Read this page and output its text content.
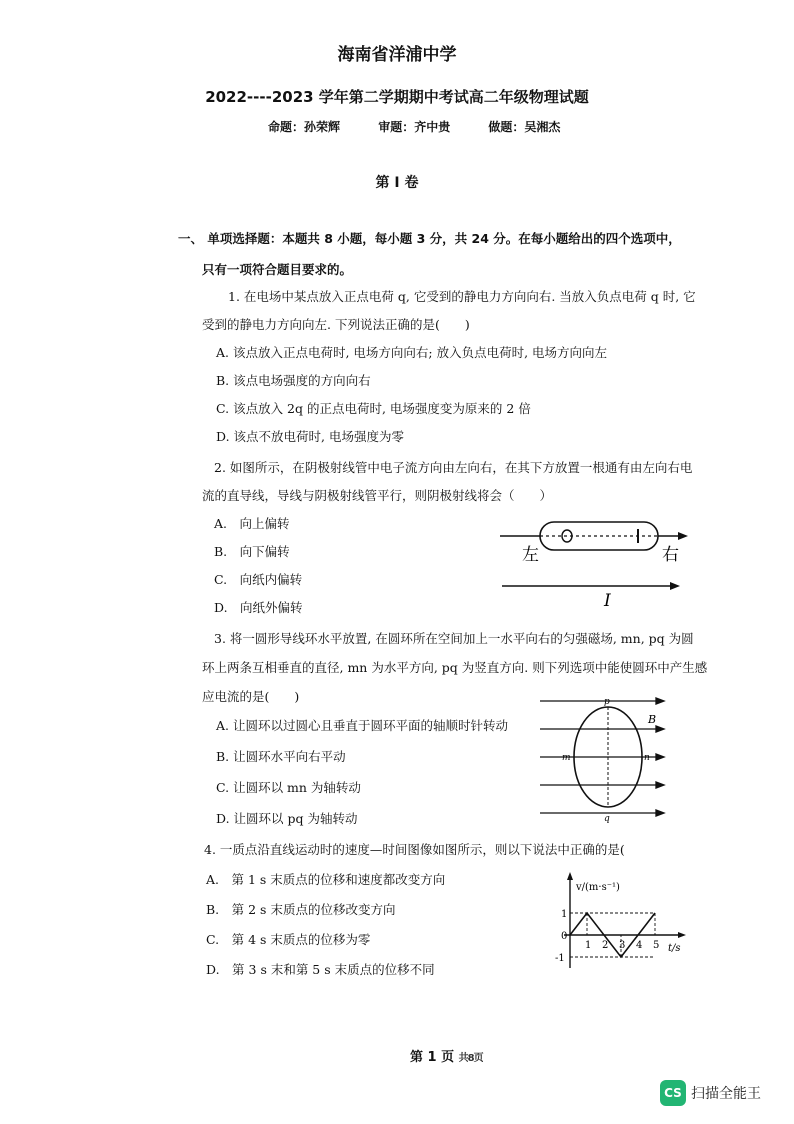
海南省洋浦中学
2022----2023 学年第二学期期中考试高二年级物理试题
命题：孙荣辉	审题：齐中贵	做题：吴湘杰
第 I 卷
一、 单项选择题：本题共 8 小题，每小题 3 分，共 24 分。在每小题给出的四个选项中，
只有一项符合题目要求的。
1. 在电场中某点放入正点电荷 q, 它受到的静电力方向向右. 当放入负点电荷 q 时, 它
受到的静电力方向向左. 下列说法正确的是(　　)
A. 该点放入正点电荷时, 电场方向向右; 放入负点电荷时, 电场方向向左
B. 该点电场强度的方向向右
C. 该点放入 2q 的正点电荷时, 电场强度变为原来的 2 倍
D. 该点不放电荷时, 电场强度为零
2. 如图所示，在阴极射线管中电子流方向由左向右，在其下方放置一根通有由左向右电
流的直导线，导线与阴极射线管平行，则阴极射线将会（　　）
A.　向上偏转
B.　向下偏转
C.　向纸内偏转
D.　向纸外偏转
左	右
I
3. 将一圆形导线环水平放置, 在圆环所在空间加上一水平向右的匀强磁场, mn, pq 为圆
环上两条互相垂直的直径, mn 为水平方向, pq 为竖直方向. 则下列选项中能使圆环中产生感
应电流的是(　　)
A. 让圆环以过圆心且垂直于圆环平面的轴顺时针转动
B. 让圆环水平向右平动
C. 让圆环以 mn 为轴转动
D. 让圆环以 pq 为轴转动
p
q
m	n
B
4. 一质点沿直线运动时的速度—时间图像如图所示，则以下说法中正确的是(
A.　第 1 s 末质点的位移和速度都改变方向
B.　第 2 s 末质点的位移改变方向
C.　第 4 s 末质点的位移为零
D.　第 3 s 末和第 5 s 末质点的位移不同
v/(m·s⁻¹)
t/s
1
0
-1
1 2 3 4 5
第 1 页 共8页
CS 扫描全能王
